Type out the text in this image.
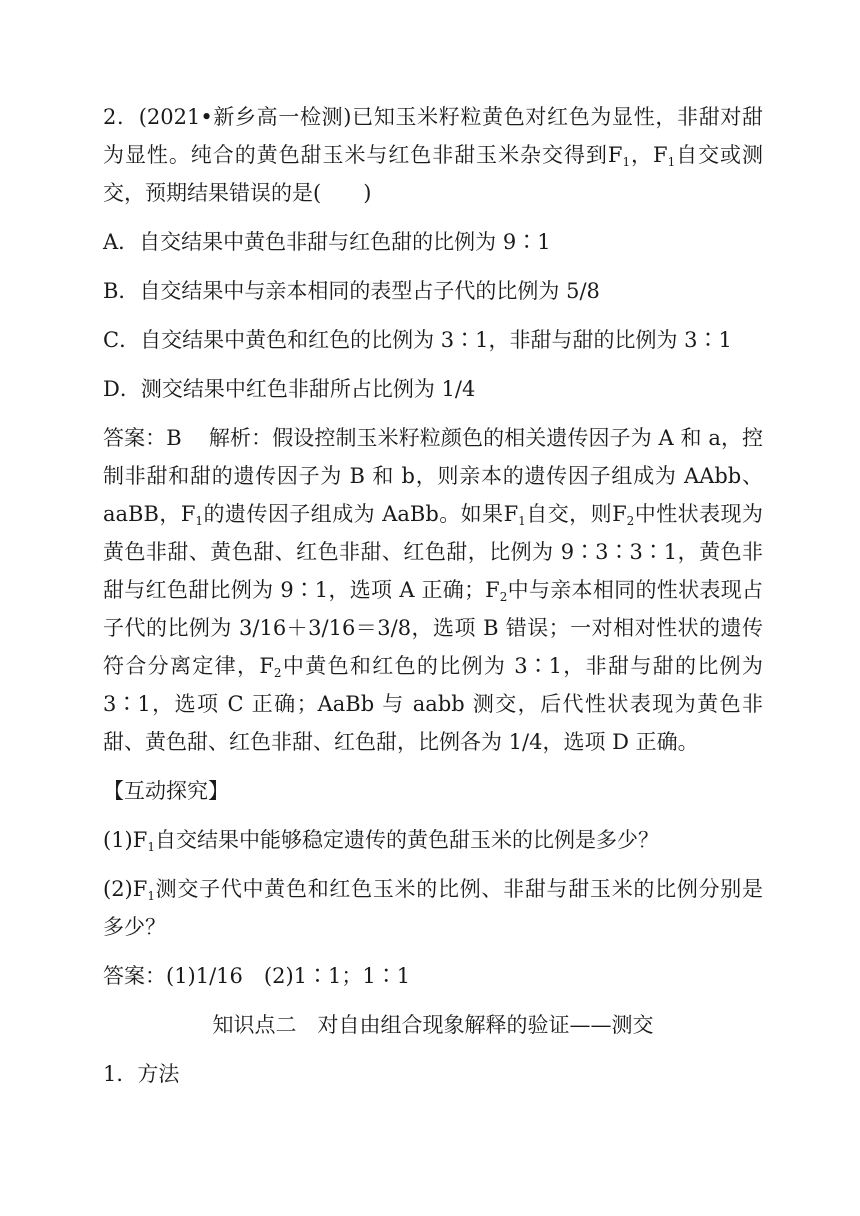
2．(2021•新乡高一检测)已知玉米籽粒黄色对红色为显性，非甜对甜为显性。纯合的黄色甜玉米与红色非甜玉米杂交得到$F_1$，$F_1$自交或测交，预期结果错误的是(　　)

A．自交结果中黄色非甜与红色甜的比例为 9∶1

B．自交结果中与亲本相同的表型占子代的比例为 5/8

C．自交结果中黄色和红色的比例为 3∶1，非甜与甜的比例为 3∶1

D．测交结果中红色非甜所占比例为 1/4

答案：B　 解析：假设控制玉米籽粒颜色的相关遗传因子为 A 和 a，控制非甜和甜的遗传因子为 B 和 b，则亲本的遗传因子组成为 AAbb、aaBB，$F_1$的遗传因子组成为 AaBb。如果$F_1$自交，则$F_2$中性状表现为黄色非甜、黄色甜、红色非甜、红色甜，比例为 9∶3∶3∶1，黄色非甜与红色甜比例为 9∶1，选项 A 正确；$F_2$中与亲本相同的性状表现占子代的比例为 3/16＋3/16＝3/8，选项 B 错误；一对相对性状的遗传符合分离定律，$F_2$中黄色和红色的比例为 3∶1，非甜与甜的比例为 3∶1，选项 C 正确；AaBb 与 aabb 测交，后代性状表现为黄色非甜、黄色甜、红色非甜、红色甜，比例各为 1/4，选项 D 正确。

【互动探究】

$(1)F_1$自交结果中能够稳定遗传的黄色甜玉米的比例是多少？

$(2)F_1$测交子代中黄色和红色玉米的比例、非甜与甜玉米的比例分别是多少？

答案：(1)1/16　(2)1∶1；1∶1

知识点二　对自由组合现象解释的验证——测交

1．方法
